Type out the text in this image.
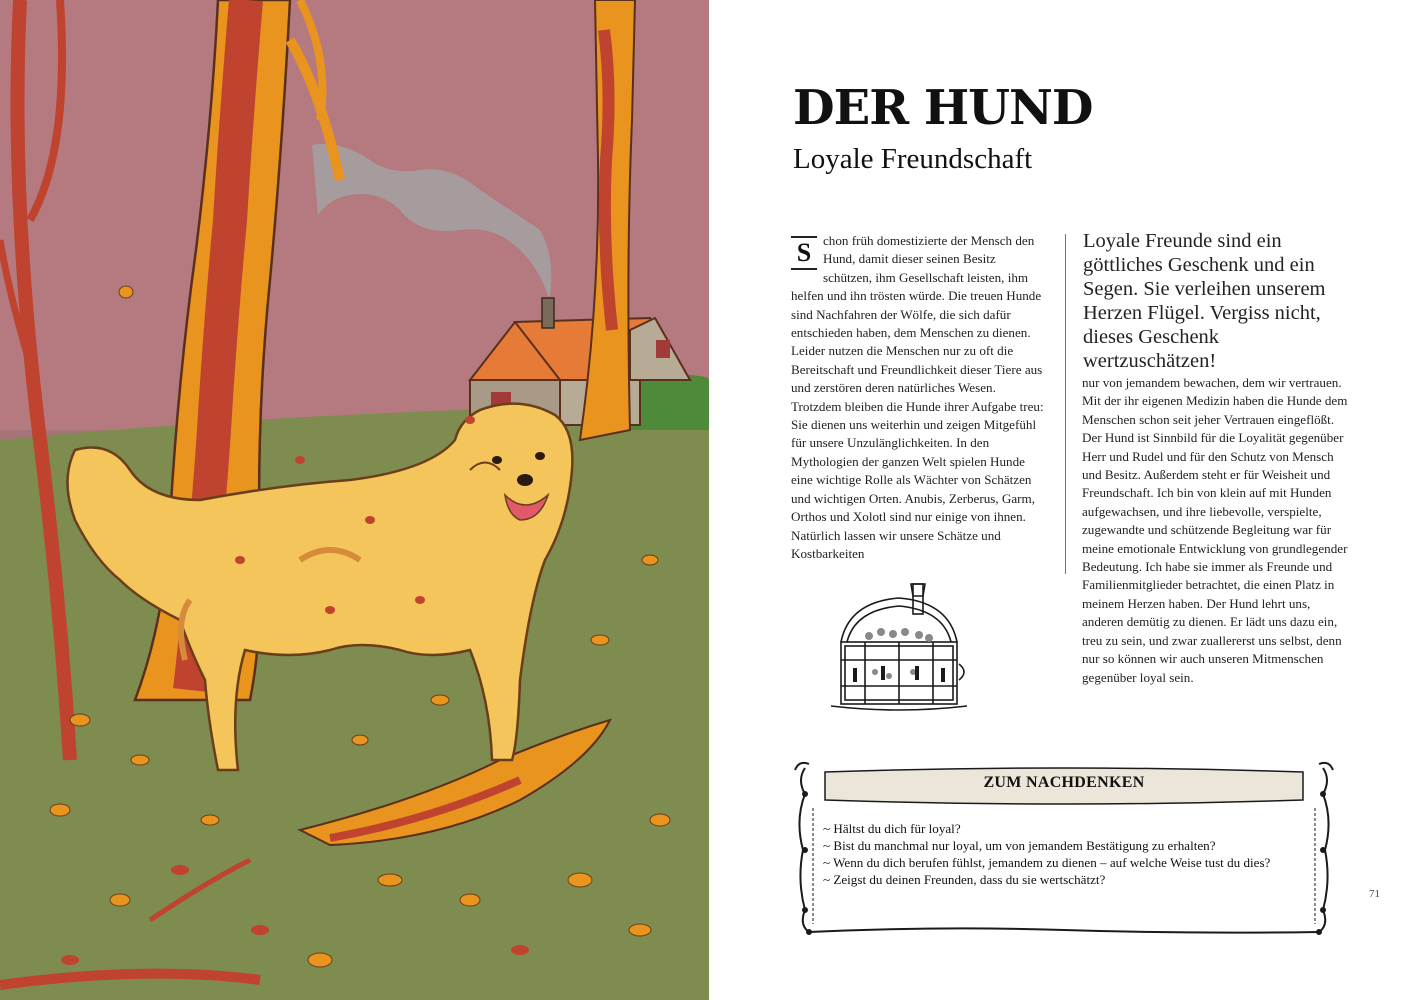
DER HUND
Loyale Freundschaft
S chon früh domestizierte der Mensch den Hund, damit dieser seinen Besitz schützen, ihm Gesellschaft leisten, ihm helfen und ihn trösten würde. Die treuen Hunde sind Nachfahren der Wölfe, die sich dafür entschieden haben, dem Menschen zu dienen. Leider nutzen die Menschen nur zu oft die Bereitschaft und Freundlichkeit dieser Tiere aus und zerstören deren natürliches Wesen. Trotzdem bleiben die Hunde ihrer Aufgabe treu: Sie dienen uns weiterhin und zeigen Mitgefühl für unsere Unzulänglichkeiten. In den Mythologien der ganzen Welt spielen Hunde eine wichtige Rolle als Wächter von Schätzen und wichtigen Orten. Anubis, Zerberus, Garm, Orthos und Xolotl sind nur einige von ihnen. Natürlich lassen wir unsere Schätze und Kostbarkeiten

Loyale Freunde sind ein göttliches Geschenk und ein Segen. Sie verleihen unserem Herzen Flügel. Vergiss nicht, dieses Geschenk wertzuschätzen!

nur von jemandem bewachen, dem wir vertrauen. Mit der ihr eigenen Medizin haben die Hunde dem Menschen schon seit jeher Vertrauen eingeflößt. Der Hund ist Sinnbild für die Loyalität gegenüber Herr und Rudel und für den Schutz von Mensch und Besitz. Außerdem steht er für Weisheit und Freundschaft. Ich bin von klein auf mit Hunden aufgewachsen, und ihre liebevolle, verspielte, zugewandte und schützende Begleitung war für meine emotionale Entwicklung von grundlegender Bedeutung. Ich habe sie immer als Freunde und Familienmitglieder betrachtet, die einen Platz in meinem Herzen haben. Der Hund lehrt uns, anderen demütig zu dienen. Er lädt uns dazu ein, treu zu sein, und zwar zuallererst uns selbst, denn nur so können wir auch unseren Mitmenschen gegenüber loyal sein.

ZUM NACHDENKEN
~ Hältst du dich für loyal?
~ Bist du manchmal nur loyal, um von jemandem Bestätigung zu erhalten?
~ Wenn du dich berufen fühlst, jemandem zu dienen – auf welche Weise tust du dies?
~ Zeigst du deinen Freunden, dass du sie wertschätzt?
71
